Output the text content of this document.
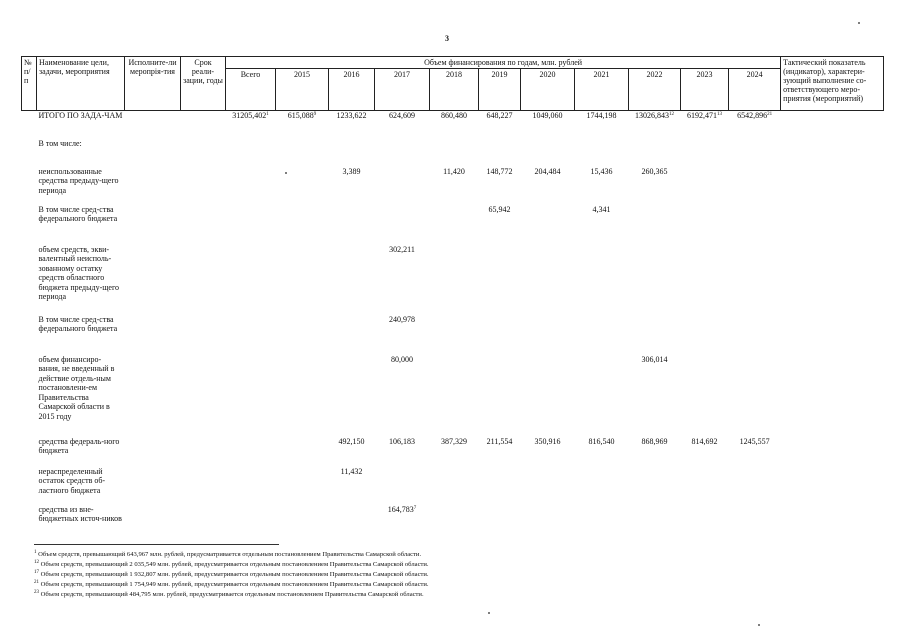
3
№ п/п	Наименование цели, задачи, мероприятия	Исполните-ли меропрія-тия	Срок реали-зации, годы	Объем финансирования по годам, млн. рублей											Тактический показатель (индикатор), характери-зующий выполнение со-ответствующего меро-приятия (мероприятий)
				Всего	2015	2016	2017	2018	2019	2020	2021	2022	2023	2024	
	ИТОГО ПО ЗАДА-ЧАМ			31205,402$^1$	615,088$^9$	1233,622	624,609	860,480	648,227	1049,060	1744,198	13026,843$^{12}$	6192,471$^{13}$	6542,896$^{21}$	
	В том числе:														
	неиспользованные средства предыду-щего периода					3,389		11,420	148,772	204,484	15,436	260,365			
	В том числе сред-ства федерального бюджета								65,942		4,341				
	объем средств, экви-валентный неисполь-зованному остатку средств областного бюджета предыду-щего периода						302,211								
	В том числе сред-ства федерального бюджета						240,978								
	объем финансиро-вания, не введенный в действие отдель-ным постановлени-ем Правительства Самарской области в 2015 году						80,000					306,014			
	средства федераль-ного бюджета					492,150	106,183	387,329	211,554	350,916	816,540	868,969	814,692	1245,557	
	нераспределенный остаток средств об-ластного бюджета					11,432									
	средства из вне-бюджетных источ-ников						164,783$^7$								
$^1$ Объем средств, превышающий 643,967 млн. рублей, предусматривается отдельным постановлением Правительства Самарской области.
$^{12}$ Объем средств, превышающий 2 035,549 млн. рублей, предусматривается отдельным постановлением Правительства Самарской области.
$^{17}$ Объем средств, превышающий 1 932,807 млн. рублей, предусматривается отдельным постановлением Правительства Самарской области.
$^{21}$ Объем средств, превышающий 1 754,949 млн. рублей, предусматривается отдельным постановлением Правительства Самарской области.
$^{23}$ Объем средств, превышающий 484,795 млн. рублей, предусматривается отдельным постановлением Правительства Самарской области.
